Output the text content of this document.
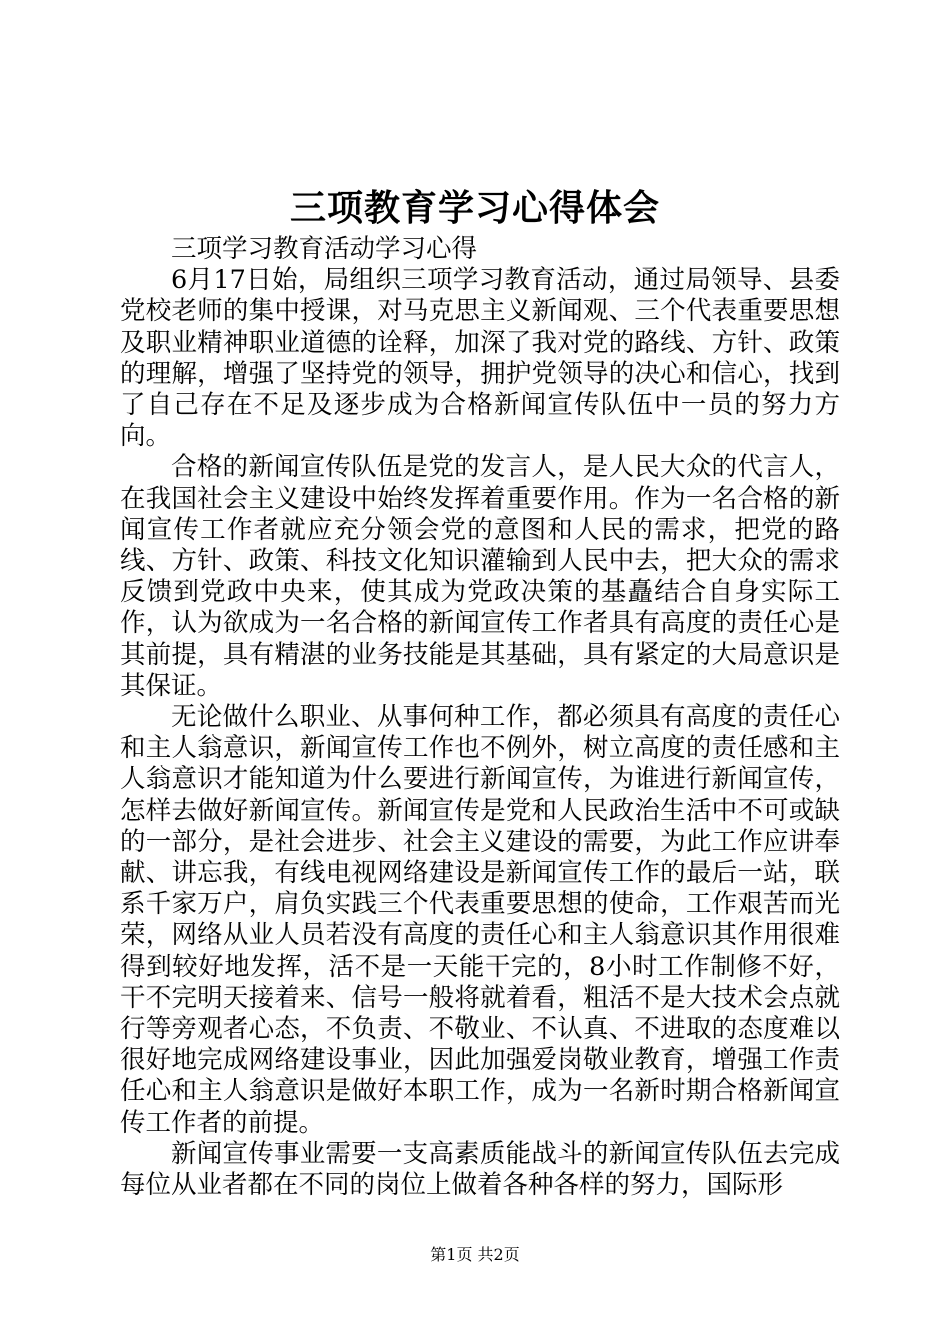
三项教育学习心得体会

三项学习教育活动学习心得

6月17日始，局组织三项学习教育活动，通过局领导、县委党校老师的集中授课，对马克思主义新闻观、三个代表重要思想及职业精神职业道德的诠释，加深了我对党的路线、方针、政策的理解，增强了坚持党的领导，拥护党领导的决心和信心，找到了自己存在不足及逐步成为合格新闻宣传队伍中一员的努力方向。

合格的新闻宣传队伍是党的发言人，是人民大众的代言人，在我国社会主义建设中始终发挥着重要作用。作为一名合格的新闻宣传工作者就应充分领会党的意图和人民的需求，把党的路线、方针、政策、科技文化知识灌输到人民中去，把大众的需求反馈到党政中央来，使其成为党政决策的基矗结合自身实际工作，认为欲成为一名合格的新闻宣传工作者具有高度的责任心是其前提，具有精湛的业务技能是其基础，具有紧定的大局意识是其保证。

无论做什么职业、从事何种工作，都必须具有高度的责任心和主人翁意识，新闻宣传工作也不例外，树立高度的责任感和主人翁意识才能知道为什么要进行新闻宣传，为谁进行新闻宣传，怎样去做好新闻宣传。新闻宣传是党和人民政治生活中不可或缺的一部分，是社会进步、社会主义建设的需要，为此工作应讲奉献、讲忘我，有线电视网络建设是新闻宣传工作的最后一站，联系千家万户，肩负实践三个代表重要思想的使命，工作艰苦而光荣，网络从业人员若没有高度的责任心和主人翁意识其作用很难得到较好地发挥，活不是一天能干完的，8小时工作制修不好，干不完明天接着来、信号一般将就着看，粗活不是大技术会点就行等旁观者心态，不负责、不敬业、不认真、不进取的态度难以很好地完成网络建设事业，因此加强爱岗敬业教育，增强工作责任心和主人翁意识是做好本职工作，成为一名新时期合格新闻宣传工作者的前提。

新闻宣传事业需要一支高素质能战斗的新闻宣传队伍去完成每位从业者都在不同的岗位上做着各种各样的努力，国际形

第1页 共2页
